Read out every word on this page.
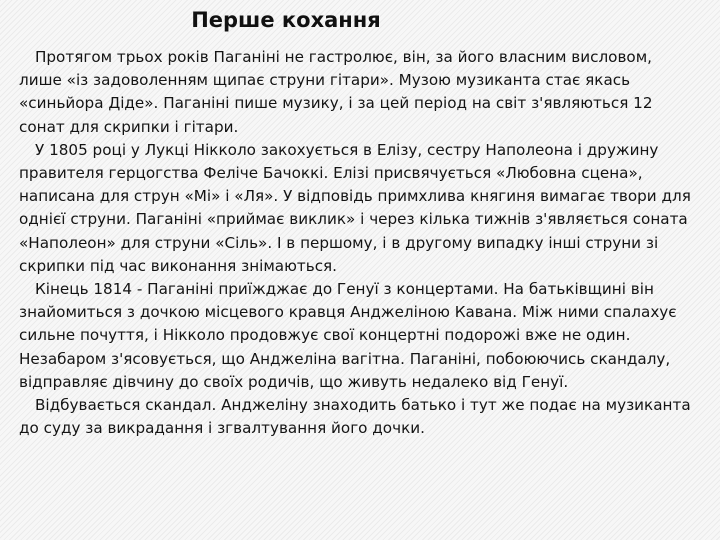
Перше кохання

Протягом трьох років Паганіні не гастролює, він, за його власним висловом, лише «із задоволенням щипає струни гітари». Музою музиканта стає якась «синьйора Діде». Паганіні пише музику, і за цей період на світ з'являються 12 сонат для скрипки і гітари.

У 1805 році у Лукці Нікколо закохується в Елізу, сестру Наполеона і дружину правителя герцогства Феліче Бачоккі. Елізі присвячується «Любовна сцена», написана для струн «Мі» і «Ля». У відповідь примхлива княгиня вимагає твори для однієї струни. Паганіні «приймає виклик» і через кілька тижнів з'являється соната «Наполеон» для струни «Сіль». І в першому, і в другому випадку інші струни зі скрипки під час виконання знімаються.

Кінець 1814 - Паганіні приїжджає до Генуї з концертами. На батьківщині він знайомиться з дочкою місцевого кравця Анджеліною Кавана. Між ними спалахує сильне почуття, і Нікколо продовжує свої концертні подорожі вже не один. Незабаром з'ясовується, що Анджеліна вагітна. Паганіні, побоюючись скандалу, відправляє дівчину до своїх родичів, що живуть недалеко від Генуї.

Відбувається скандал. Анджеліну знаходить батько і тут же подає на музиканта до суду за викрадання і згвалтування його дочки.
